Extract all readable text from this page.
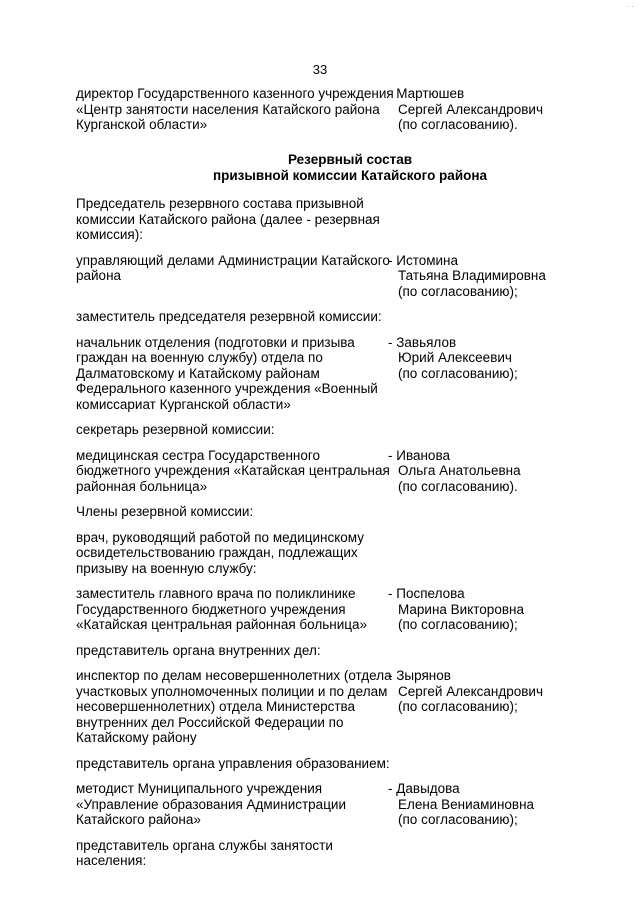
33
директор Государственного казенного учреждения
«Центр занятости населения Катайского района
Курганской области»
- Мартюшев
Сергей Александрович
(по согласованию).
Резервный состав
призывной комиссии Катайского района
Председатель резервного состава призывной
комиссии Катайского района (далее - резервная
комиссия):
управляющий делами Администрации Катайского
района
- Истомина
Татьяна Владимировна
(по согласованию);
заместитель председателя резервной комиссии:
начальник отделения (подготовки и призыва
граждан на военную службу) отдела по
Далматовскому и Катайскому районам
Федерального казенного учреждения «Военный
комиссариат Курганской области»
- Завьялов
Юрий Алексеевич
(по согласованию);
секретарь резервной комиссии:
медицинская сестра Государственного
бюджетного учреждения «Катайская центральная
районная больница»
- Иванова
Ольга Анатольевна
(по согласованию).
Члены резервной комиссии:
врач, руководящий работой по медицинскому
освидетельствованию граждан, подлежащих
призыву на военную службу:
заместитель главного врача по поликлинике
Государственного бюджетного учреждения
«Катайская центральная районная больница»
- Поспелова
Марина Викторовна
(по согласованию);
представитель органа внутренних дел:
инспектор по делам несовершеннолетних (отдела
участковых уполномоченных полиции и по делам
несовершеннолетних) отдела Министерства
внутренних дел Российской Федерации по
Катайскому району
- Зырянов
Сергей Александрович
(по согласованию);
представитель органа управления образованием:
методист Муниципального учреждения
«Управление образования Администрации
Катайского района»
- Давыдова
Елена Вениаминовна
(по согласованию);
представитель органа службы занятости
населения:
· ·
